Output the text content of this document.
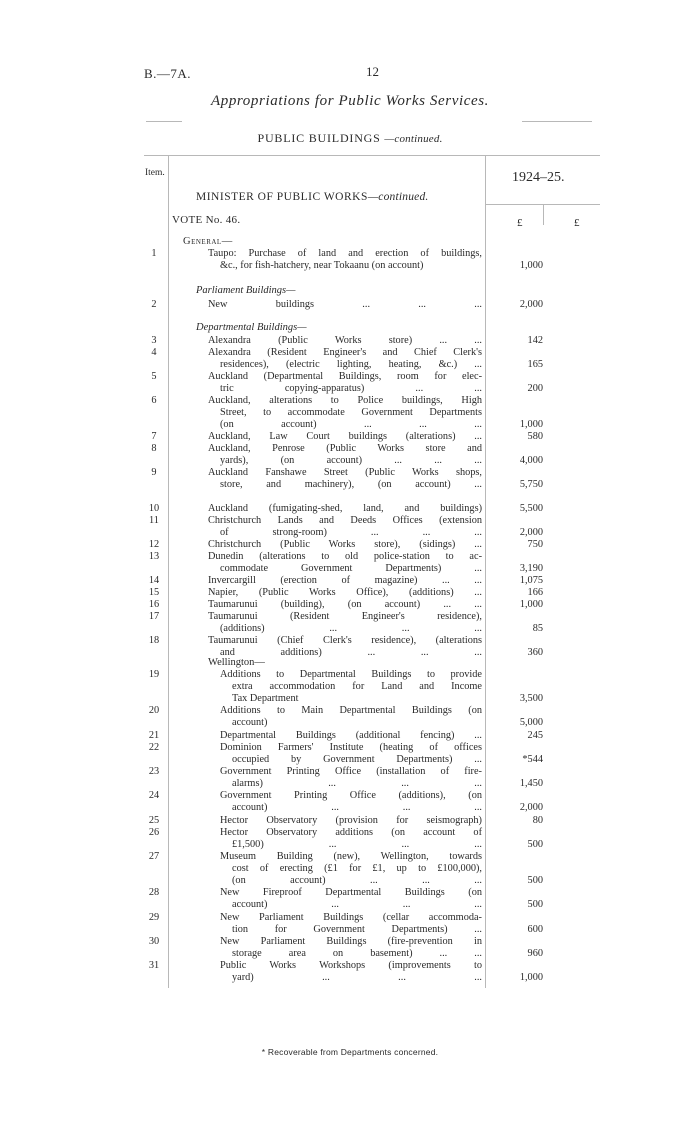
B.—7A.	12
Appropriations for Public Works Services.
PUBLIC BUILDINGS —continued.
Item.	1924–25.
MINISTER OF PUBLIC WORKS—continued.
VOTE No. 46.	£	£
General—
Parliament Buildings—
Departmental Buildings—
Wellington—
1	Taupo: Purchase of land and erection of buildings,
&c., for fish-hatchery, near Tokaanu (on account)	1,000
2	New buildings ... ... ...	2,000
3	Alexandra (Public Works store) ... ...	142
4	Alexandra (Resident Engineer's and Chief Clerk's
residences), (electric lighting, heating, &c.) ...	165
5	Auckland (Departmental Buildings, room for elec-
tric copying-apparatus) ... ...	200
6	Auckland, alterations to Police buildings, High
Street, to accommodate Government Departments
(on account) ... ... ...	1,000
7	Auckland, Law Court buildings (alterations) ...	580
8	Auckland, Penrose (Public Works store and
yards), (on account) ... ... ...	4,000
9	Auckland Fanshawe Street (Public Works shops,
store, and machinery), (on account) ...	5,750
10	Auckland (fumigating-shed, land, and buildings)	5,500
11	Christchurch Lands and Deeds Offices (extension
of strong-room) ... ... ...	2,000
12	Christchurch (Public Works store), (sidings) ...	750
13	Dunedin (alterations to old police-station to ac-
commodate Government Departments) ...	3,190
14	Invercargill (erection of magazine) ... ...	1,075
15	Napier, (Public Works Office), (additions) ...	166
16	Taumarunui (building), (on account) ... ...	1,000
17	Taumarunui (Resident Engineer's residence),
(additions) ... ... ...	85
18	Taumarunui (Chief Clerk's residence), (alterations
and additions) ... ... ...	360
19	Additions to Departmental Buildings to provide
extra accommodation for Land and Income
Tax Department	3,500
20	Additions to Main Departmental Buildings (on
account)	5,000
21	Departmental Buildings (additional fencing) ...	245
22	Dominion Farmers' Institute (heating of offices
occupied by Government Departments) ...	*544
23	Government Printing Office (installation of fire-
alarms) ... ... ...	1,450
24	Government Printing Office (additions), (on
account) ... ... ...	2,000
25	Hector Observatory (provision for seismograph)	80
26	Hector Observatory additions (on account of
£1,500) ... ... ...	500
27	Museum Building (new), Wellington, towards
cost of erecting (£1 for £1, up to £100,000),
(on account) ... ... ...	500
28	New Fireproof Departmental Buildings (on
account) ... ... ...	500
29	New Parliament Buildings (cellar accommoda-
tion for Government Departments) ...	600
30	New Parliament Buildings (fire-prevention in
storage area on basement) ... ...	960
31	Public Works Workshops (improvements to
yard) ... ... ...	1,000
* Recoverable from Departments concerned.
